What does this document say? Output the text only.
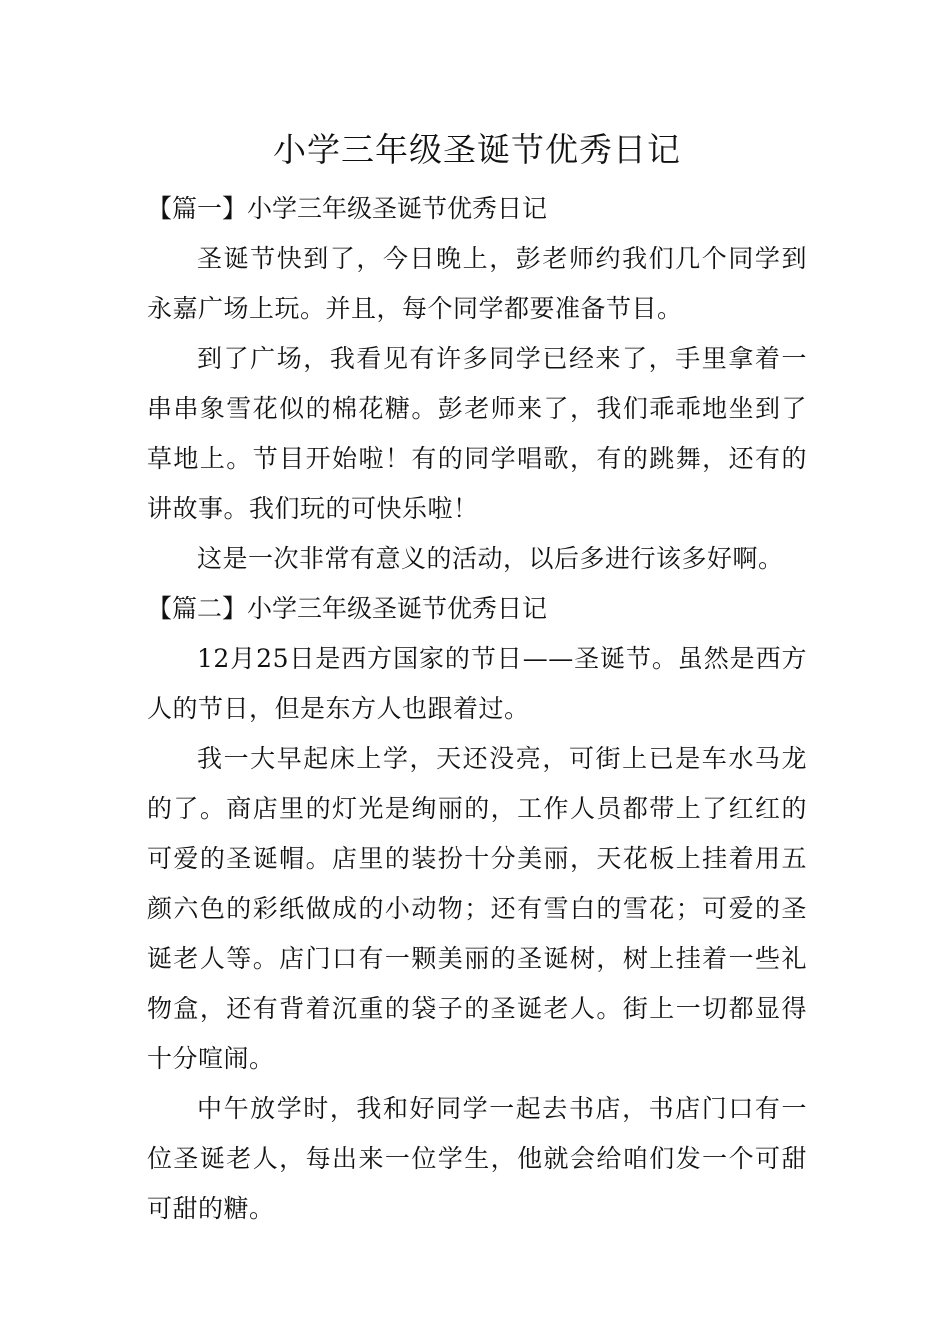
小学三年级圣诞节优秀日记
【篇一】小学三年级圣诞节优秀日记

圣诞节快到了，今日晚上，彭老师约我们几个同学到永嘉广场上玩。并且，每个同学都要准备节目。

到了广场，我看见有许多同学已经来了，手里拿着一串串象雪花似的棉花糖。彭老师来了，我们乖乖地坐到了草地上。节目开始啦！有的同学唱歌，有的跳舞，还有的讲故事。我们玩的可快乐啦！

这是一次非常有意义的活动，以后多进行该多好啊。

【篇二】小学三年级圣诞节优秀日记

12月25日是西方国家的节日——圣诞节。虽然是西方人的节日，但是东方人也跟着过。

我一大早起床上学，天还没亮，可街上已是车水马龙的了。商店里的灯光是绚丽的，工作人员都带上了红红的可爱的圣诞帽。店里的装扮十分美丽，天花板上挂着用五颜六色的彩纸做成的小动物；还有雪白的雪花；可爱的圣诞老人等。店门口有一颗美丽的圣诞树，树上挂着一些礼物盒，还有背着沉重的袋子的圣诞老人。街上一切都显得十分喧闹。

中午放学时，我和好同学一起去书店，书店门口有一位圣诞老人，每出来一位学生，他就会给咱们发一个可甜可甜的糖。
